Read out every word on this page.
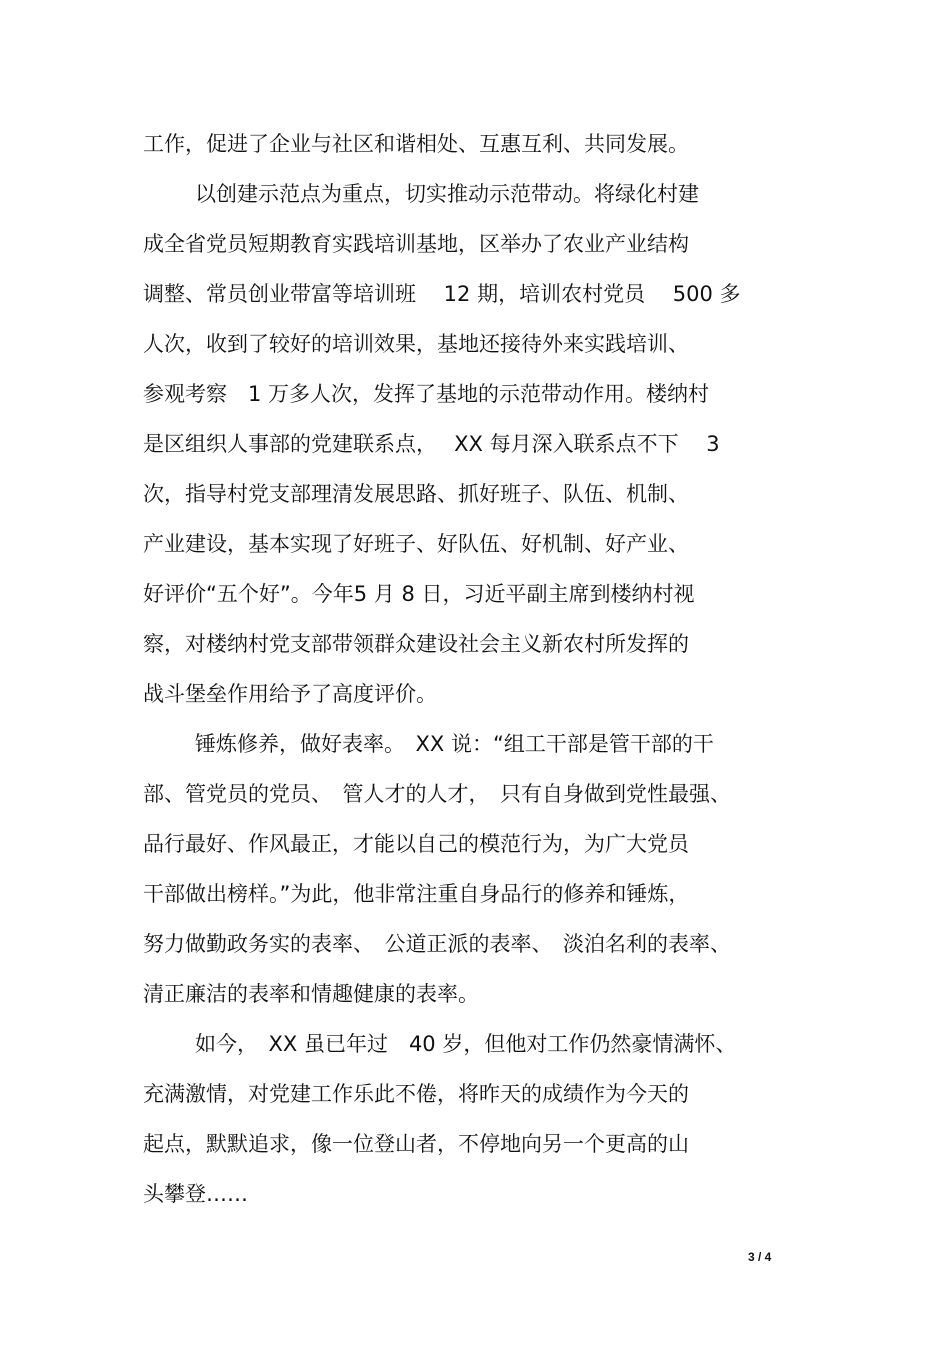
工作，促进了企业与社区和谐相处、互惠互利、共同发展。
以创建示范点为重点，切实推动示范带动。将绿化村建
成全省党员短期教育实践培训基地，区举办了农业产业结构
调整、常员创业带富等培训班　 12 期，培训农村党员　 500 多
人次，收到了较好的培训效果，基地还接待外来实践培训、
参观考察　1 万多人次，发挥了基地的示范带动作用。楼纳村
是区组织人事部的党建联系点，　 XX 每月深入联系点不下　 3
次，指导村党支部理清发展思路、抓好班子、队伍、机制、
产业建设，基本实现了好班子、好队伍、好机制、好产业、
好评价“五个好”。今年5 月 8 日，习近平副主席到楼纳村视
察，对楼纳村党支部带领群众建设社会主义新农村所发挥的
战斗堡垒作用给予了高度评价。
锤炼修养，做好表率。　XX 说：“组工干部是管干部的干
部、管党员的党员、　管人才的人才，　只有自身做到党性最强、
品行最好、作风最正，才能以自己的模范行为，为广大党员
干部做出榜样。”为此，他非常注重自身品行的修养和锤炼，
努力做勤政务实的表率、　公道正派的表率、　淡泊名利的表率、
清正廉洁的表率和情趣健康的表率。
如今，　XX 虽已年过　40 岁，但他对工作仍然豪情满怀、
充满激情，对党建工作乐此不倦，将昨天的成绩作为今天的
起点，默默追求，像一位登山者，不停地向另一个更高的山
头攀登……
3 / 4
